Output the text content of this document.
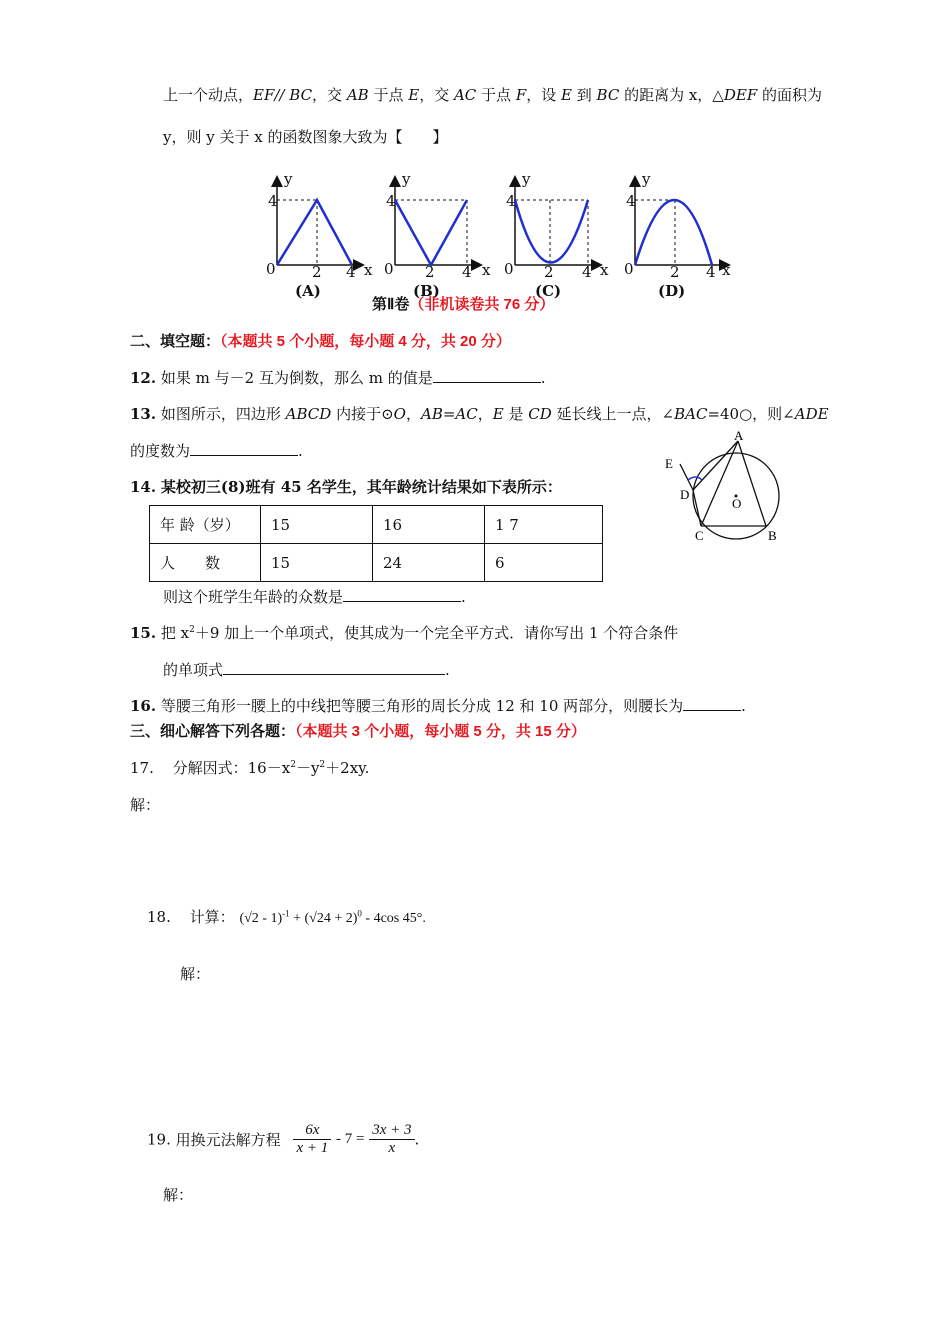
上一个动点，EF// BC，交 AB 于点 E，交 AC 于点 F，设 E 到 BC 的距离为 x，△DEF 的面积为
y，则 y 关于 x 的函数图象大致为【　　】
y
4
0 2 4 x
(A)
y
4
0 2 4 x
(B)
y
4
0 2 4 x
(C)
y
4
0 2 4 x
(D)
第Ⅱ卷（非机读卷共 76 分）
二、填空题：（本题共 5 个小题，每小题 4 分，共 20 分）
12. 如果 m 与－2 互为倒数，那么 m 的值是	.
13. 如图所示，四边形 ABCD 内接于⊙O，AB=AC，E 是 CD 延长线上一点，∠BAC=40○，则∠ADE
的度数为	.
A
B
C
D
E
O
14. 某校初三(8)班有 45 名学生，其年龄统计结果如下表所示：
年 龄（岁）	15	16	1 7
人　　数	15	24	6
则这个班学生年龄的众数是	.
15. 把 $x^2+9$ 加上一个单项式，使其成为一个完全平方式．请你写出 1 个符合条件
的单项式	.
16. 等腰三角形一腰上的中线把等腰三角形的周长分成 12 和 10 两部分，则腰长为	.
三、细心解答下列各题：（本题共 3 个小题，每小题 5 分，共 15 分）
17. 分解因式：$16-x^2-y^2+2xy$.
解：
18. 计算： $(√2 - 1)^{-1} + (√24 + 2)^0 - 4\cos$ 45°.
解：
19. 用换元法解方程 $\frac{6x}{x + 1} - 7 = \frac{3x + 3}{x}$ .
解：
